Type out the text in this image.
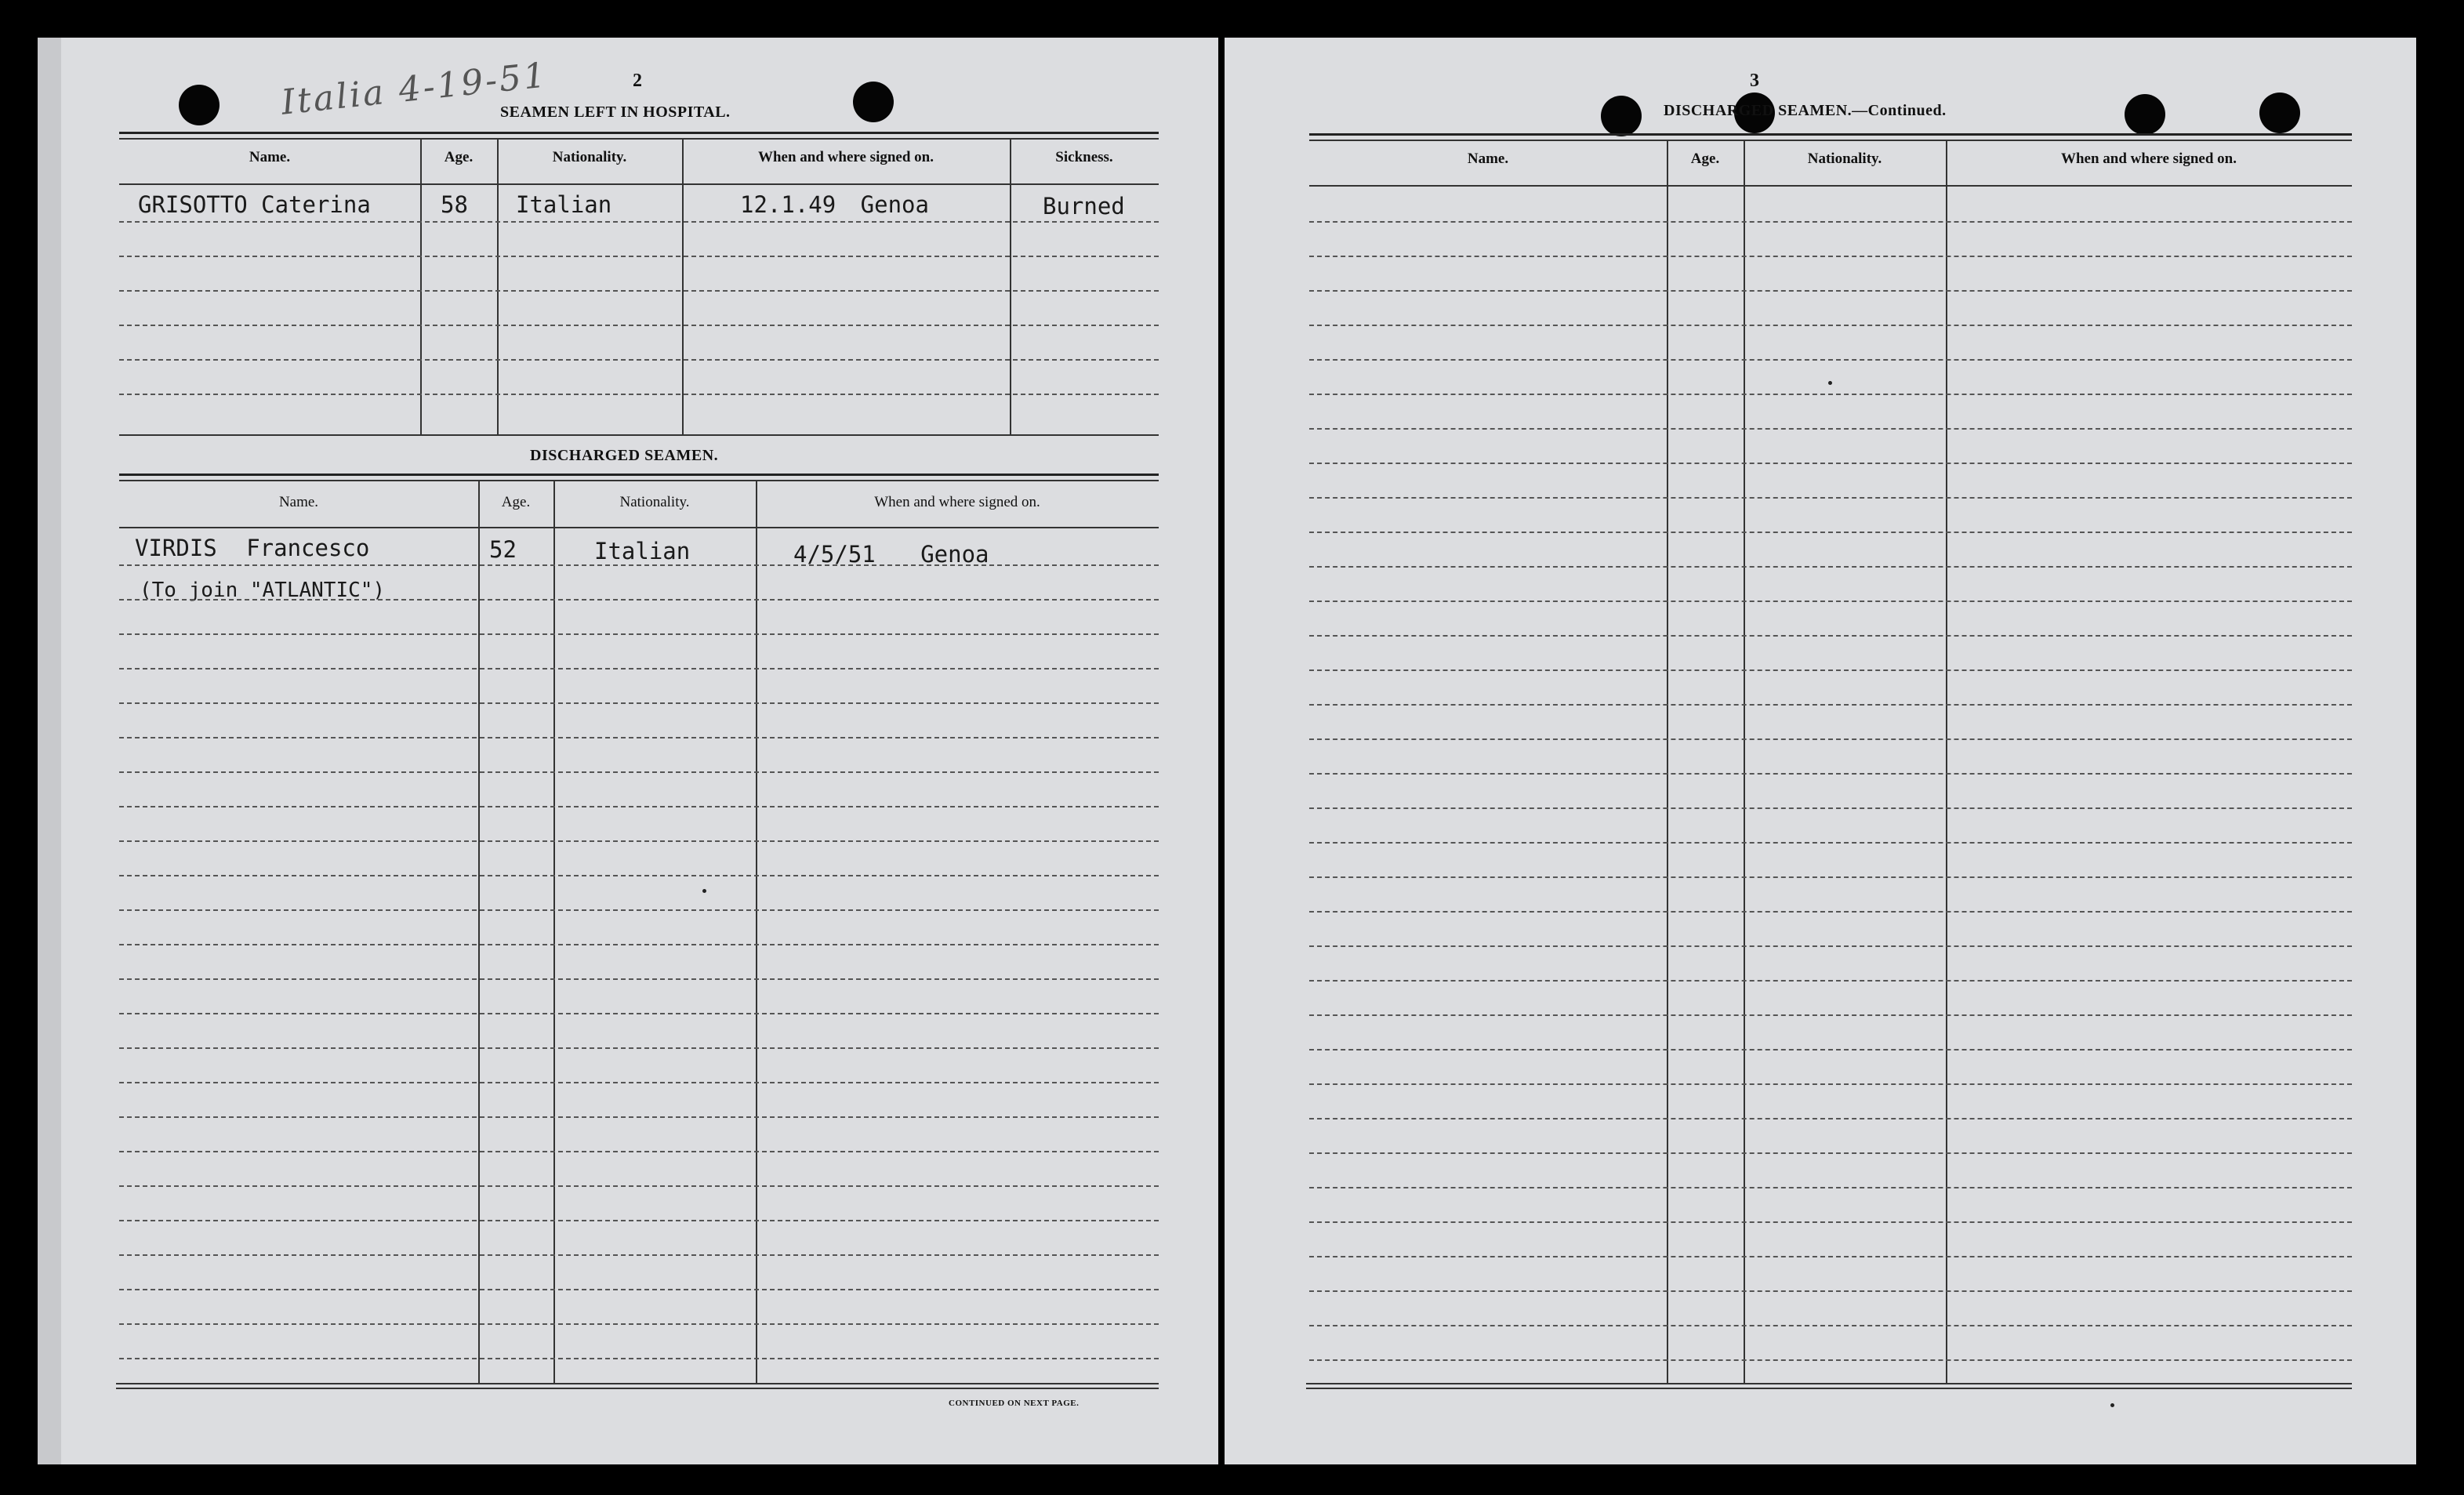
Italia 4-19-51	2
SEAMEN LEFT IN HOSPITAL.
Name.	Age.	Nationality.	When and where signed on.	Sickness.
GRISOTTO Caterina	58 Italian	12.1.49 Genoa	Burned
DISCHARGED SEAMEN.
Name.	Age.	Nationality.	When and where signed on.
VIRDIS Francesco
(To join "ATLANTIC")
52	Italian	4/5/51 Genoa
CONTINUED ON NEXT PAGE.
3
DISCHARGED SEAMEN.—Continued.
Name.	Age.	Nationality.	When and where signed on.
